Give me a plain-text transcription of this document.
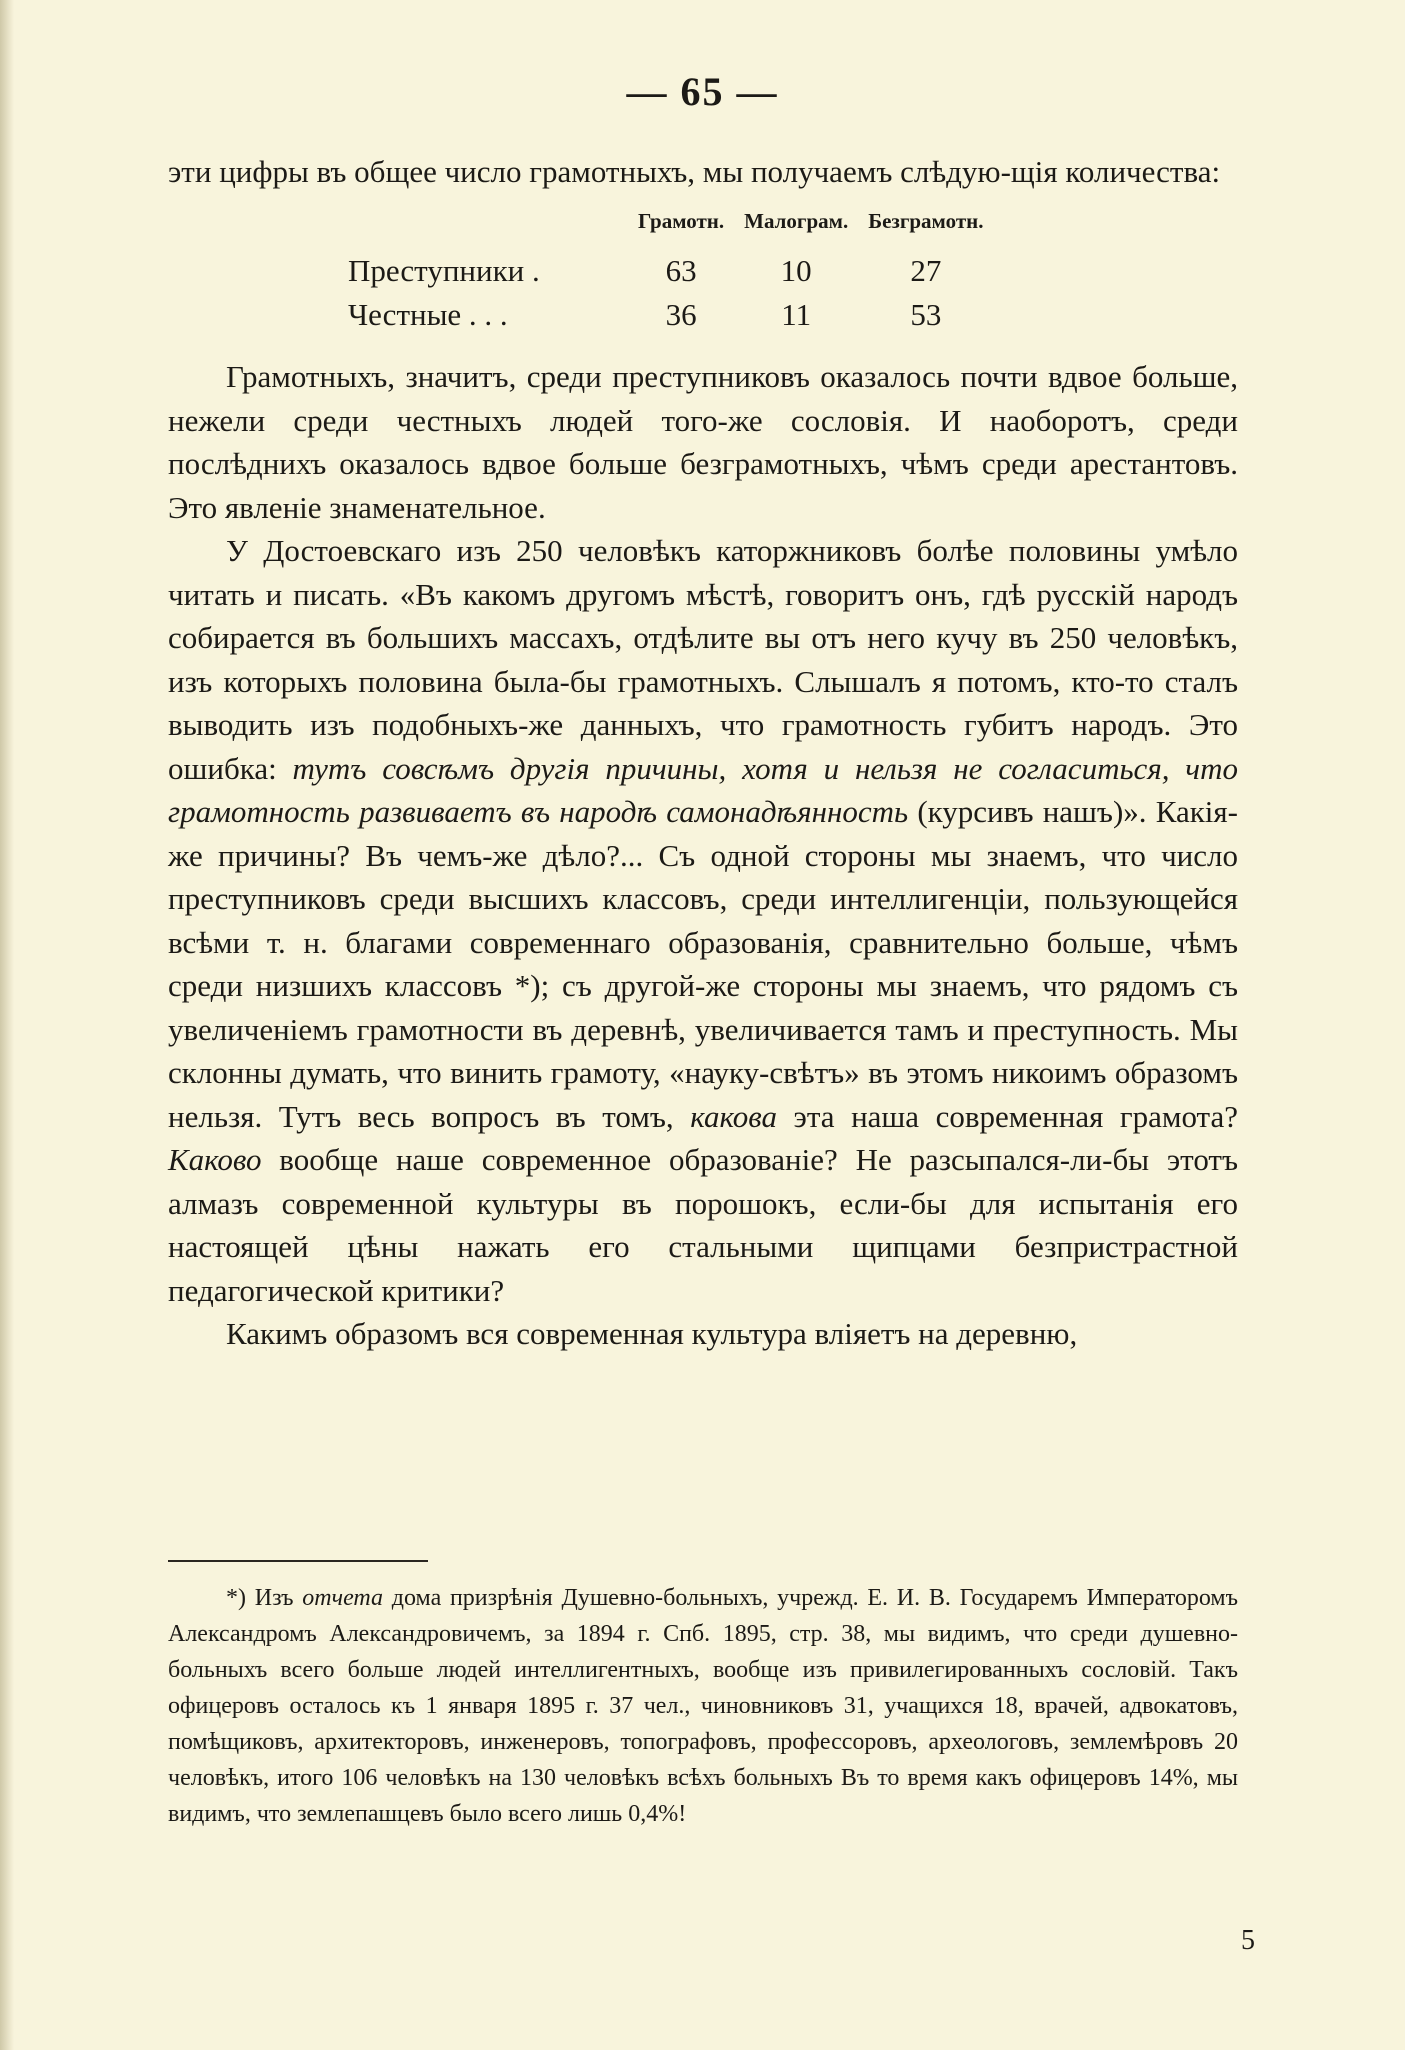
— 65 —

эти цифры въ общее число грамотныхъ, мы получаемъ слѣдую-щія количества:

	Грамотн.	Малограм.	Безграмотн.
Преступники .	63	10	27
Честные . . .	36	11	53

Грамотныхъ, значитъ, среди преступниковъ оказалось почти вдвое больше, нежели среди честныхъ людей того-же сословія. И наоборотъ, среди послѣднихъ оказалось вдвое больше безграмотныхъ, чѣмъ среди арестантовъ. Это явленіе знаменательное.

У Достоевскаго изъ 250 человѣкъ каторжниковъ болѣе половины умѣло читать и писать. «Въ какомъ другомъ мѣстѣ, говоритъ онъ, гдѣ русскій народъ собирается въ большихъ массахъ, отдѣлите вы отъ него кучу въ 250 человѣкъ, изъ которыхъ половина была-бы грамотныхъ. Слышалъ я потомъ, кто-то сталъ выводить изъ подобныхъ-же данныхъ, что грамотность губитъ народъ. Это ошибка: тутъ совсѣмъ другія причины, хотя и нельзя не согласиться, что грамотность развиваетъ въ народѣ самонадѣянность (курсивъ нашъ)». Какія-же причины? Въ чемъ-же дѣло?... Съ одной стороны мы знаемъ, что число преступниковъ среди высшихъ классовъ, среди интеллигенціи, пользующейся всѣми т. н. благами современнаго образованія, сравнительно больше, чѣмъ среди низшихъ классовъ *); съ другой-же стороны мы знаемъ, что рядомъ съ увеличеніемъ грамотности въ деревнѣ, увеличивается тамъ и преступность. Мы склонны думать, что винить грамоту, «науку-свѣтъ» въ этомъ никоимъ образомъ нельзя. Тутъ весь вопросъ въ томъ, какова эта наша современная грамота? Каково вообще наше современное образованіе? Не разсыпался-ли-бы этотъ алмазъ современной культуры въ порошокъ, если-бы для испытанія его настоящей цѣны нажать его стальными щипцами безпристрастной педагогической критики?

Какимъ образомъ вся современная культура вліяетъ на деревню,

*) Изъ отчета дома призрѣнія Душевно-больныхъ, учрежд. Е. И. В. Государемъ Императоромъ Александромъ Александровичемъ, за 1894 г. Спб. 1895, стр. 38, мы видимъ, что среди душевно-больныхъ всего больше людей интеллигентныхъ, вообще изъ привилегированныхъ сословій. Такъ офицеровъ осталось къ 1 января 1895 г. 37 чел., чиновниковъ 31, учащихся 18, врачей, адвокатовъ, помѣщиковъ, архитекторовъ, инженеровъ, топографовъ, профессоровъ, археологовъ, землемѣровъ 20 человѣкъ, итого 106 человѣкъ на 130 человѣкъ всѣхъ больныхъ Въ то время какъ офицеровъ 14%, мы видимъ, что землепашцевъ было всего лишь 0,4%!

5
